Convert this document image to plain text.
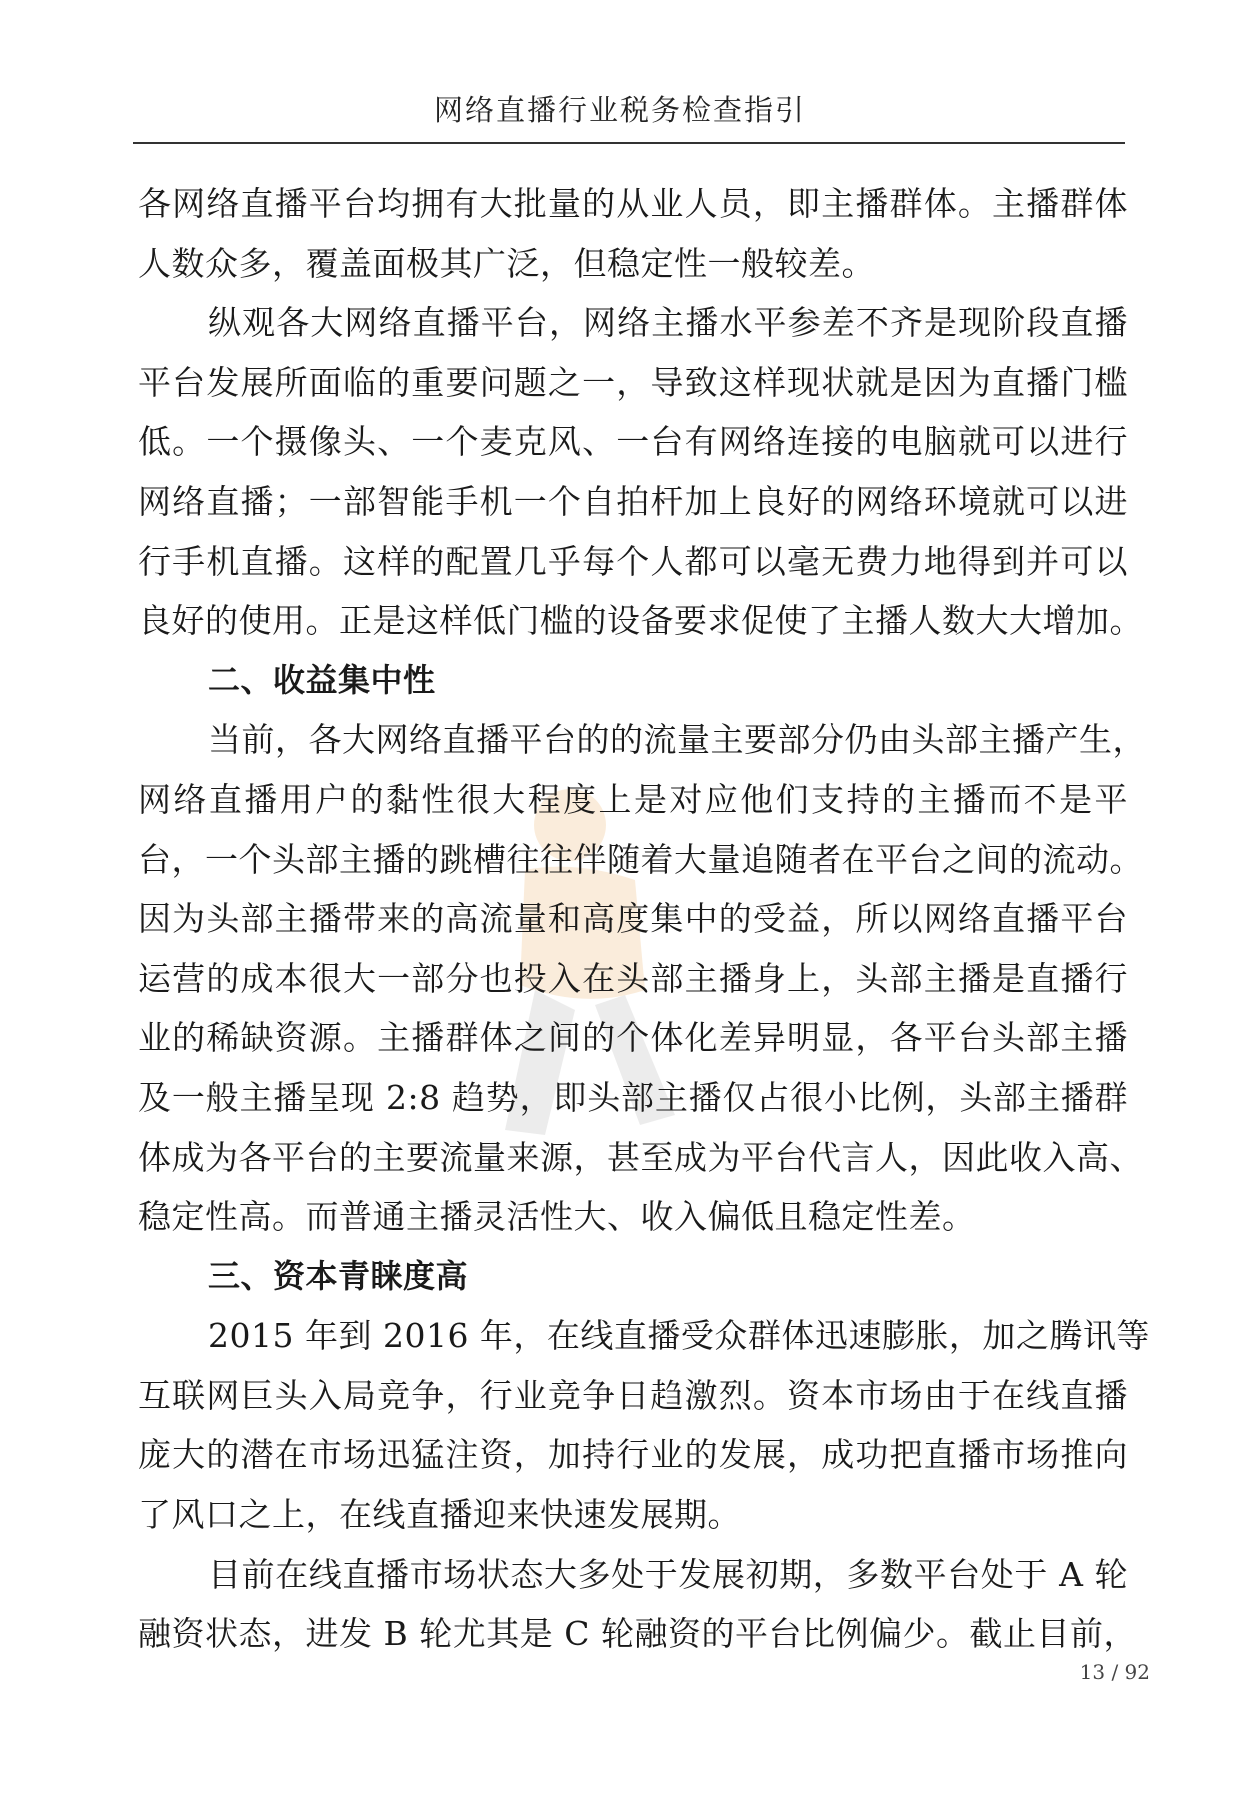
网络直播行业税务检查指引
各网络直播平台均拥有大批量的从业人员，即主播群体。主播群体
人数众多，覆盖面极其广泛，但稳定性一般较差。
纵观各大网络直播平台，网络主播水平参差不齐是现阶段直播
平台发展所面临的重要问题之一，导致这样现状就是因为直播门槛
低。一个摄像头、一个麦克风、一台有网络连接的电脑就可以进行
网络直播；一部智能手机一个自拍杆加上良好的网络环境就可以进
行手机直播。这样的配置几乎每个人都可以毫无费力地得到并可以
良好的使用。正是这样低门槛的设备要求促使了主播人数大大增加。
二、收益集中性
当前，各大网络直播平台的的流量主要部分仍由头部主播产生，
网络直播用户的黏性很大程度上是对应他们支持的主播而不是平
台，一个头部主播的跳槽往往伴随着大量追随者在平台之间的流动。
因为头部主播带来的高流量和高度集中的受益，所以网络直播平台
运营的成本很大一部分也投入在头部主播身上，头部主播是直播行
业的稀缺资源。主播群体之间的个体化差异明显，各平台头部主播
及一般主播呈现 2:8 趋势，即头部主播仅占很小比例，头部主播群
体成为各平台的主要流量来源，甚至成为平台代言人，因此收入高、
稳定性高。而普通主播灵活性大、收入偏低且稳定性差。
三、资本青睐度高
2015 年到 2016 年，在线直播受众群体迅速膨胀，加之腾讯等
互联网巨头入局竞争，行业竞争日趋激烈。资本市场由于在线直播
庞大的潜在市场迅猛注资，加持行业的发展，成功把直播市场推向
了风口之上，在线直播迎来快速发展期。
目前在线直播市场状态大多处于发展初期，多数平台处于 A 轮
融资状态，进发 B 轮尤其是 C 轮融资的平台比例偏少。截止目前，
13 / 92
